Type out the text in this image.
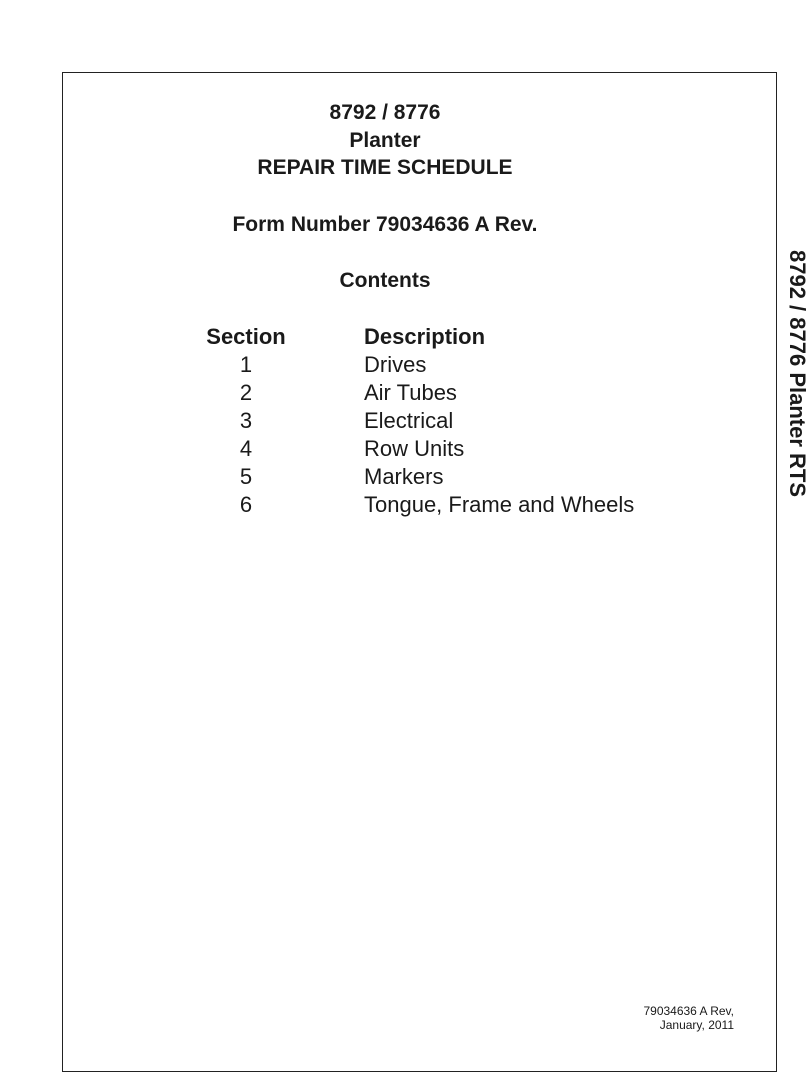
8792 / 8776
Planter
REPAIR TIME SCHEDULE
Form Number 79034636 A Rev.
Contents
Section	Description
1	Drives
2	Air Tubes
3	Electrical
4	Row Units
5	Markers
6	Tongue, Frame and Wheels
8792 / 8776 Planter RTS
79034636 A Rev,
January, 2011
